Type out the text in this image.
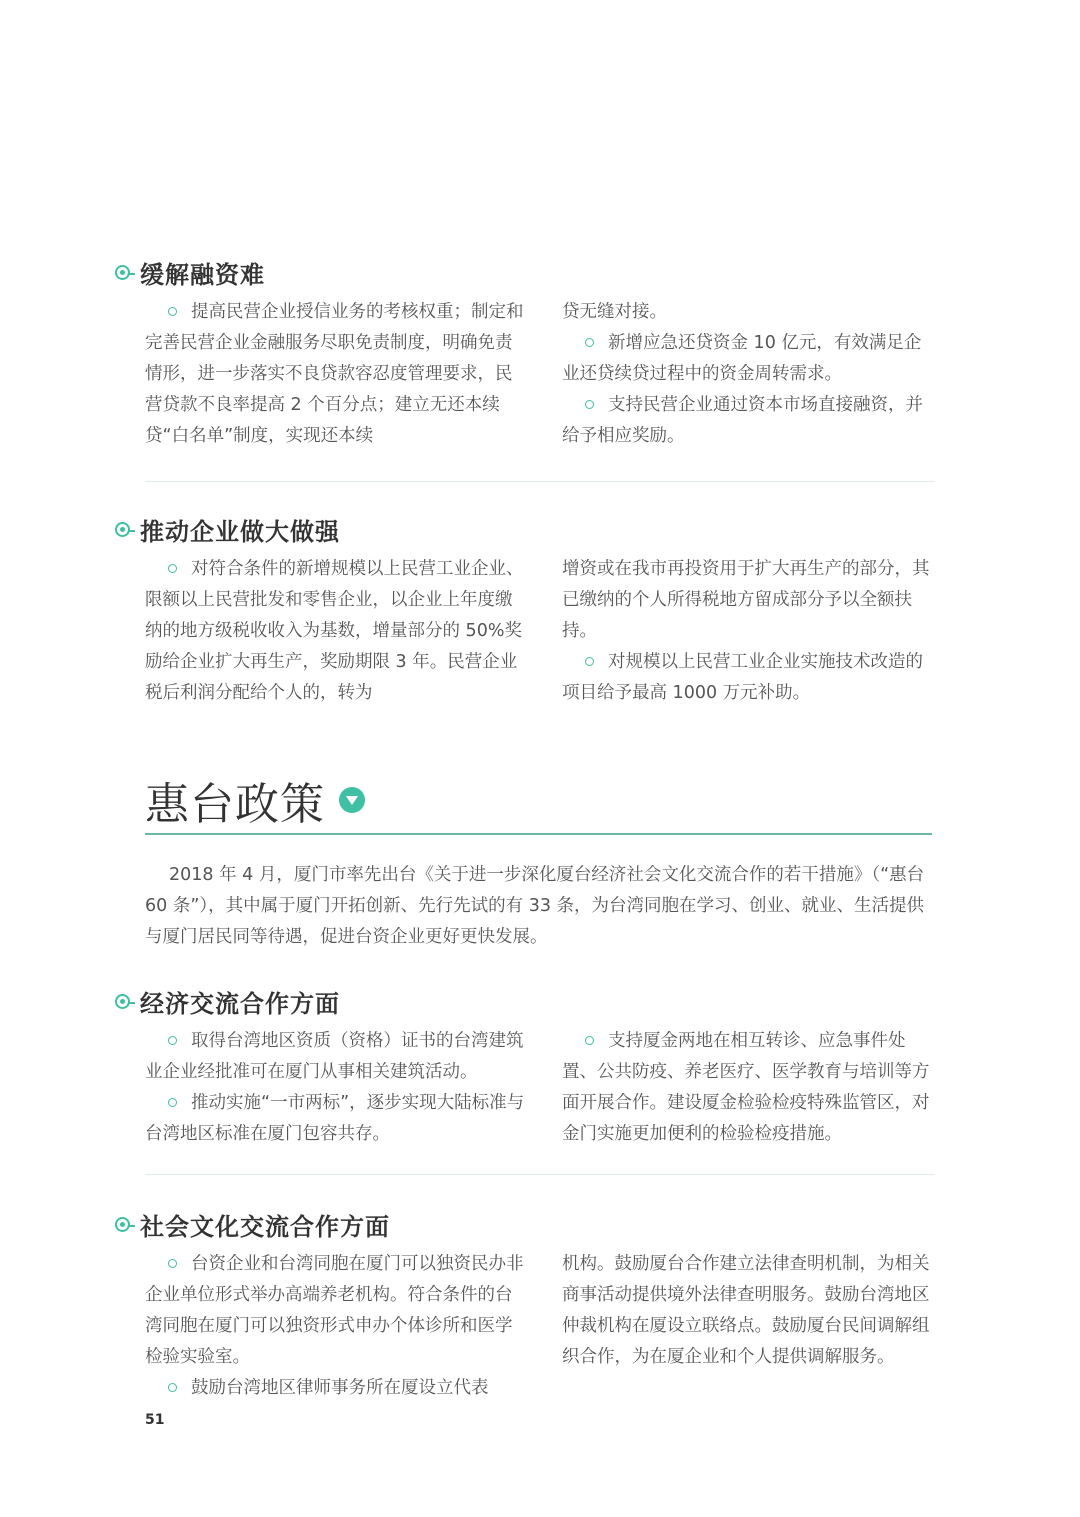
缓解融资难

提高民营企业授信业务的考核权重；制定和完善民营企业金融服务尽职免责制度，明确免责情形，进一步落实不良贷款容忍度管理要求，民营贷款不良率提高 2 个百分点；建立无还本续贷“白名单”制度，实现还本续

贷无缝对接。

新增应急还贷资金 10 亿元，有效满足企业还贷续贷过程中的资金周转需求。

支持民营企业通过资本市场直接融资，并给予相应奖励。

推动企业做大做强

对符合条件的新增规模以上民营工业企业、限额以上民营批发和零售企业，以企业上年度缴纳的地方级税收收入为基数，增量部分的 50%奖励给企业扩大再生产，奖励期限 3 年。民营企业税后利润分配给个人的，转为

增资或在我市再投资用于扩大再生产的部分，其已缴纳的个人所得税地方留成部分予以全额扶持。

对规模以上民营工业企业实施技术改造的项目给予最高 1000 万元补助。

惠台政策

2018 年 4 月，厦门市率先出台《关于进一步深化厦台经济社会文化交流合作的若干措施》（“惠台 60 条”），其中属于厦门开拓创新、先行先试的有 33 条，为台湾同胞在学习、创业、就业、生活提供与厦门居民同等待遇，促进台资企业更好更快发展。

经济交流合作方面

取得台湾地区资质（资格）证书的台湾建筑业企业经批准可在厦门从事相关建筑活动。

推动实施“一市两标”，逐步实现大陆标准与台湾地区标准在厦门包容共存。

支持厦金两地在相互转诊、应急事件处置、公共防疫、养老医疗、医学教育与培训等方面开展合作。建设厦金检验检疫特殊监管区，对金门实施更加便利的检验检疫措施。

社会文化交流合作方面

台资企业和台湾同胞在厦门可以独资民办非企业单位形式举办高端养老机构。符合条件的台湾同胞在厦门可以独资形式申办个体诊所和医学检验实验室。

鼓励台湾地区律师事务所在厦设立代表

机构。鼓励厦台合作建立法律查明机制，为相关商事活动提供境外法律查明服务。鼓励台湾地区仲裁机构在厦设立联络点。鼓励厦台民间调解组织合作，为在厦企业和个人提供调解服务。

51
